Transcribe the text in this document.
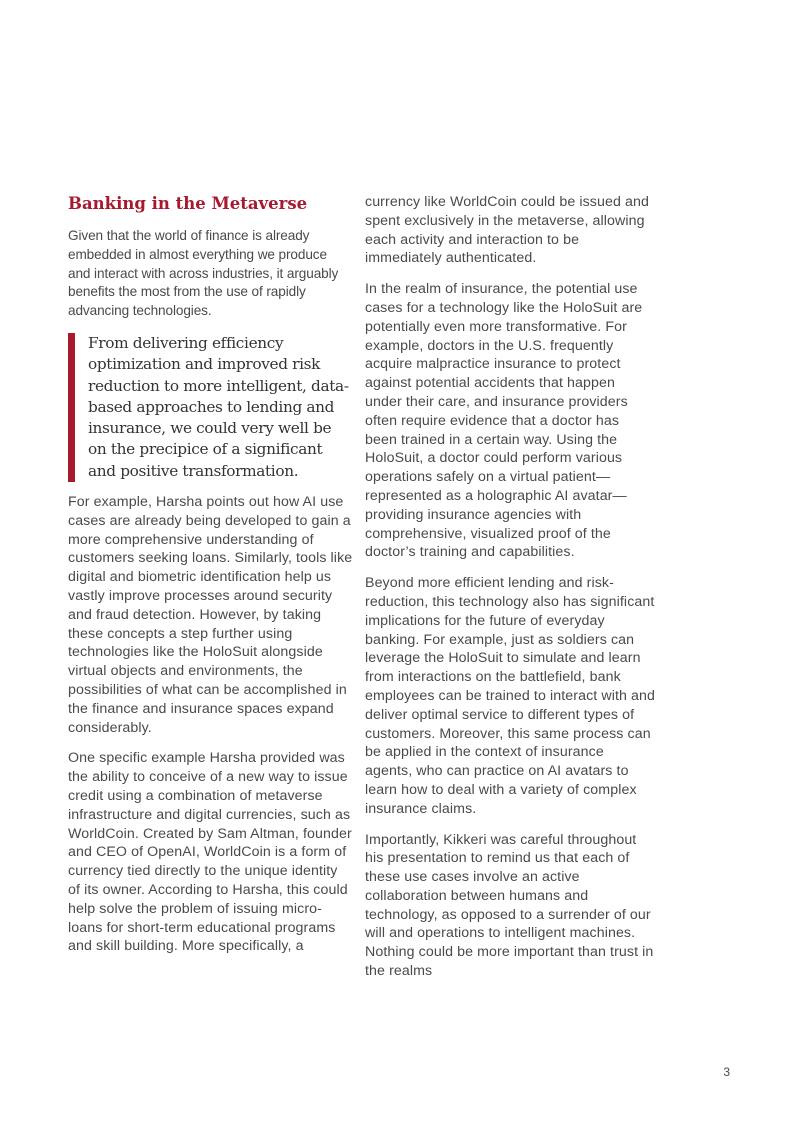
Banking in the Metaverse

Given that the world of finance is already embedded in almost everything we produce and interact with across industries, it arguably benefits the most from the use of rapidly advancing technologies.

From delivering efficiency optimization and improved risk reduction to more intelligent, data-based approaches to lending and insurance, we could very well be on the precipice of a significant and positive transformation.

For example, Harsha points out how AI use cases are already being developed to gain a more comprehensive understanding of customers seeking loans. Similarly, tools like digital and biometric identification help us vastly improve processes around security and fraud detection. However, by taking these concepts a step further using technologies like the HoloSuit alongside virtual objects and environments, the possibilities of what can be accomplished in the finance and insurance spaces expand considerably.

One specific example Harsha provided was the ability to conceive of a new way to issue credit using a combination of metaverse infrastructure and digital currencies, such as WorldCoin. Created by Sam Altman, founder and CEO of OpenAI, WorldCoin is a form of currency tied directly to the unique identity of its owner. According to Harsha, this could help solve the problem of issuing micro-loans for short-term educational programs and skill building. More specifically, a

currency like WorldCoin could be issued and spent exclusively in the metaverse, allowing each activity and interaction to be immediately authenticated.

In the realm of insurance, the potential use cases for a technology like the HoloSuit are potentially even more transformative. For example, doctors in the U.S. frequently acquire malpractice insurance to protect against potential accidents that happen under their care, and insurance providers often require evidence that a doctor has been trained in a certain way. Using the HoloSuit, a doctor could perform various operations safely on a virtual patient—represented as a holographic AI avatar—providing insurance agencies with comprehensive, visualized proof of the doctor’s training and capabilities.

Beyond more efficient lending and risk-reduction, this technology also has significant implications for the future of everyday banking. For example, just as soldiers can leverage the HoloSuit to simulate and learn from interactions on the battlefield, bank employees can be trained to interact with and deliver optimal service to different types of customers. Moreover, this same process can be applied in the context of insurance agents, who can practice on AI avatars to learn how to deal with a variety of complex insurance claims.

Importantly, Kikkeri was careful throughout his presentation to remind us that each of these use cases involve an active collaboration between humans and technology, as opposed to a surrender of our will and operations to intelligent machines. Nothing could be more important than trust in the realms

3
